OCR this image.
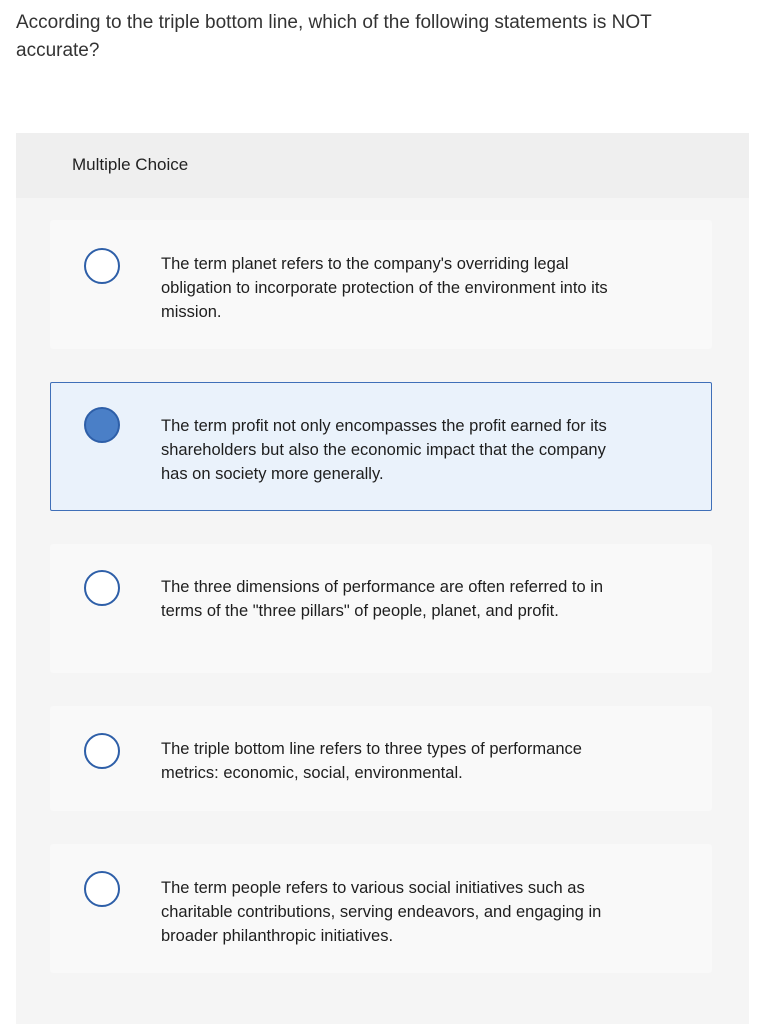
According to the triple bottom line, which of the following statements is NOT accurate?
Multiple Choice
The term planet refers to the company's overriding legal obligation to incorporate protection of the environment into its mission.
The term profit not only encompasses the profit earned for its shareholders but also the economic impact that the company has on society more generally.
The three dimensions of performance are often referred to in terms of the "three pillars" of people, planet, and profit.
The triple bottom line refers to three types of performance metrics: economic, social, environmental.
The term people refers to various social initiatives such as charitable contributions, serving endeavors, and engaging in broader philanthropic initiatives.
